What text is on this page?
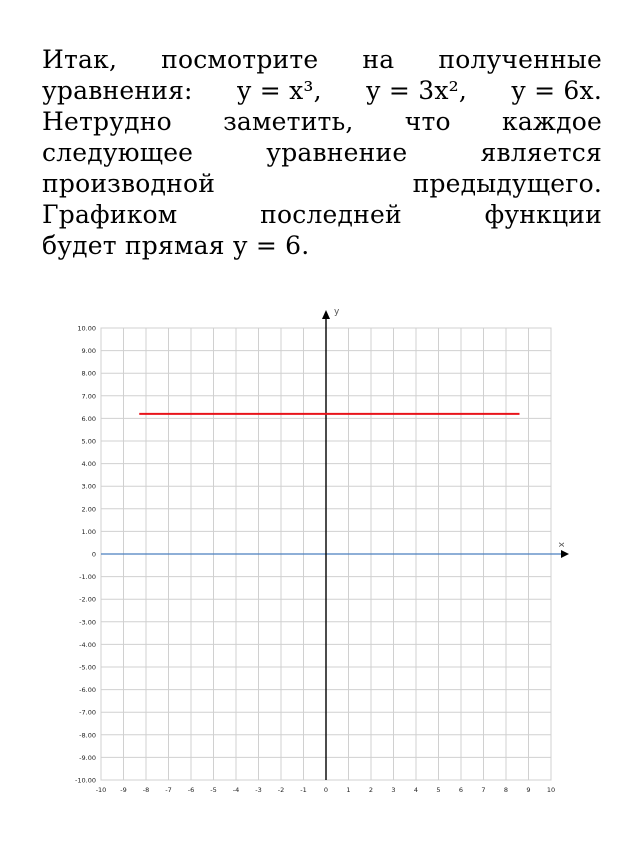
Итак, посмотрите на полученные
уравнения: у = х³, у = 3х², у = 6х.
Нетрудно заметить, что каждое
следующее	уравнение	является
производной	предыдущего.
Графиком	последней	функции
будет прямая у = 6.
x
y
10.00
9.00
8.00
7.00
6.00
5.00
4.00
3.00
2.00
1.00
0
-1.00
-2.00
-3.00
-4.00
-5.00
-6.00
-7.00
-8.00
-9.00
-10.00
-10 -9 -8 -7 -6 -5 -4 -3 -2 -1	0	1	2	3	4	5	6	7	8	9	10
